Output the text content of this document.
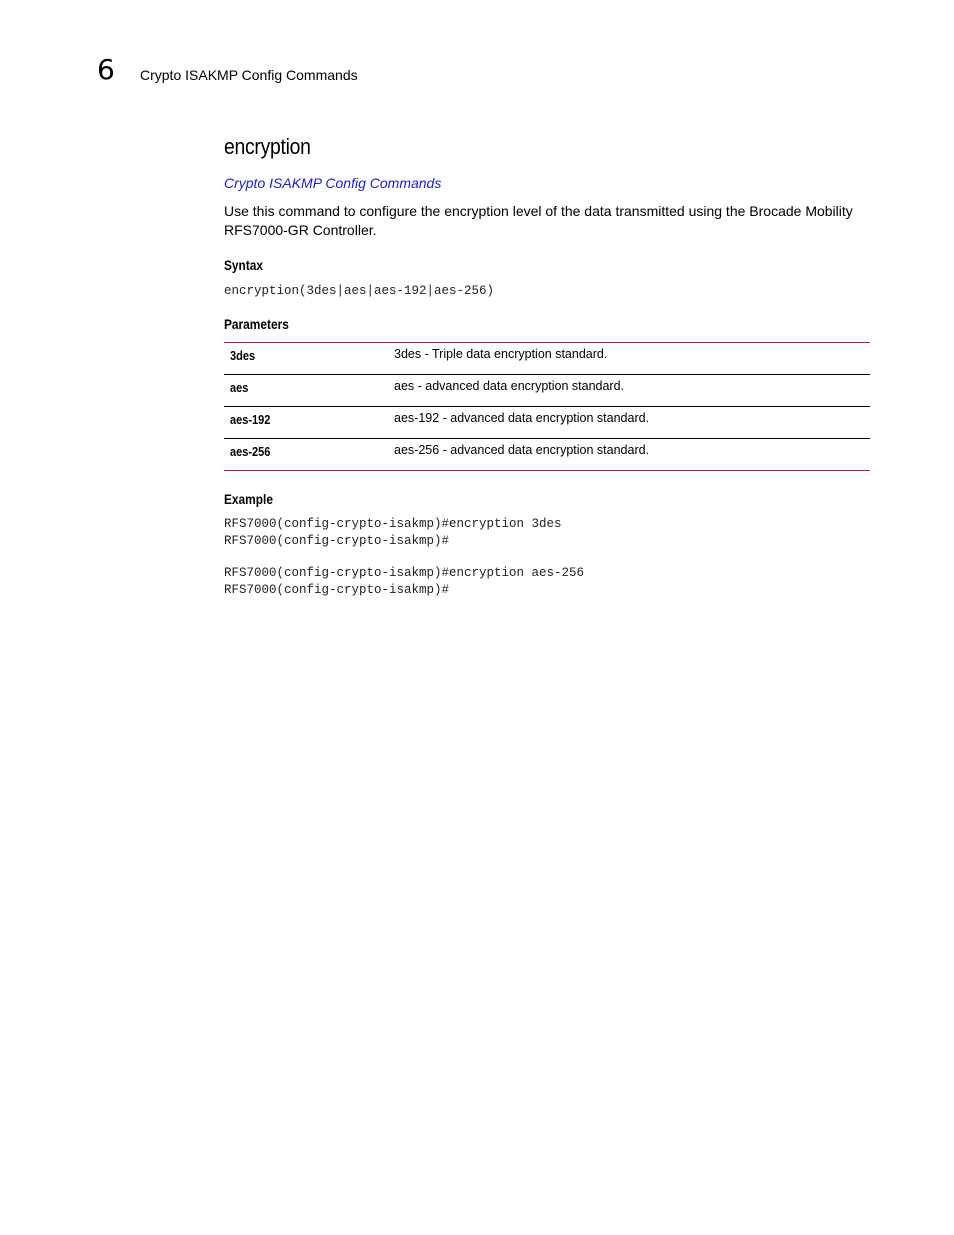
6 Crypto ISAKMP Config Commands
encryption
Crypto ISAKMP Config Commands

Use this command to configure the encryption level of the data transmitted using the Brocade Mobility RFS7000-GR Controller.

Syntax
encryption(3des|aes|aes-192|aes-256)
Parameters
3des	3des - Triple data encryption standard.
aes	aes - advanced data encryption standard.
aes-192	aes-192 - advanced data encryption standard.
aes-256	aes-256 - advanced data encryption standard.
Example
RFS7000(config-crypto-isakmp)#encryption 3des
RFS7000(config-crypto-isakmp)#
RFS7000(config-crypto-isakmp)#encryption aes-256
RFS7000(config-crypto-isakmp)#
